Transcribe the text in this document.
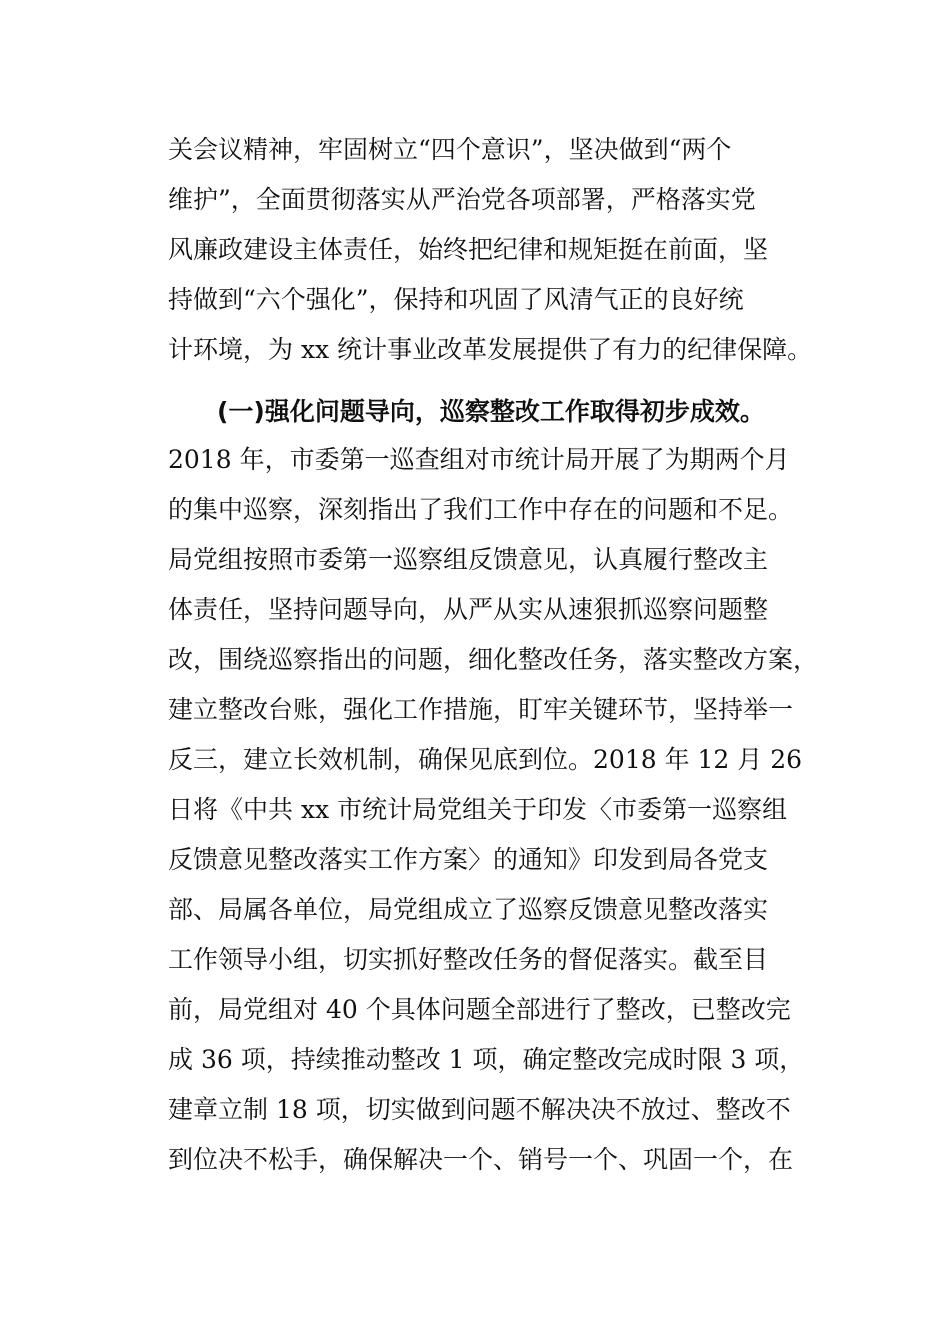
关会议精神，牢固树立“四个意识”，坚决做到“两个
维护”，全面贯彻落实从严治党各项部署，严格落实党
风廉政建设主体责任，始终把纪律和规矩挺在前面，坚
持做到“六个强化”，保持和巩固了风清气正的良好统
计环境，为 xx 统计事业改革发展提供了有力的纪律保障。
(一)强化问题导向，巡察整改工作取得初步成效。
2018 年，市委第一巡查组对市统计局开展了为期两个月
的集中巡察，深刻指出了我们工作中存在的问题和不足。
局党组按照市委第一巡察组反馈意见，认真履行整改主
体责任，坚持问题导向，从严从实从速狠抓巡察问题整
改，围绕巡察指出的问题，细化整改任务，落实整改方案，
建立整改台账，强化工作措施，盯牢关键环节，坚持举一
反三，建立长效机制，确保见底到位。2018 年 12 月 26
日将《中共 xx 市统计局党组关于印发〈市委第一巡察组
反馈意见整改落实工作方案〉的通知》印发到局各党支
部、局属各单位，局党组成立了巡察反馈意见整改落实
工作领导小组，切实抓好整改任务的督促落实。截至目
前，局党组对 40 个具体问题全部进行了整改，已整改完
成 36 项，持续推动整改 1 项，确定整改完成时限 3 项，
建章立制 18 项，切实做到问题不解决决不放过、整改不
到位决不松手，确保解决一个、销号一个、巩固一个，在
